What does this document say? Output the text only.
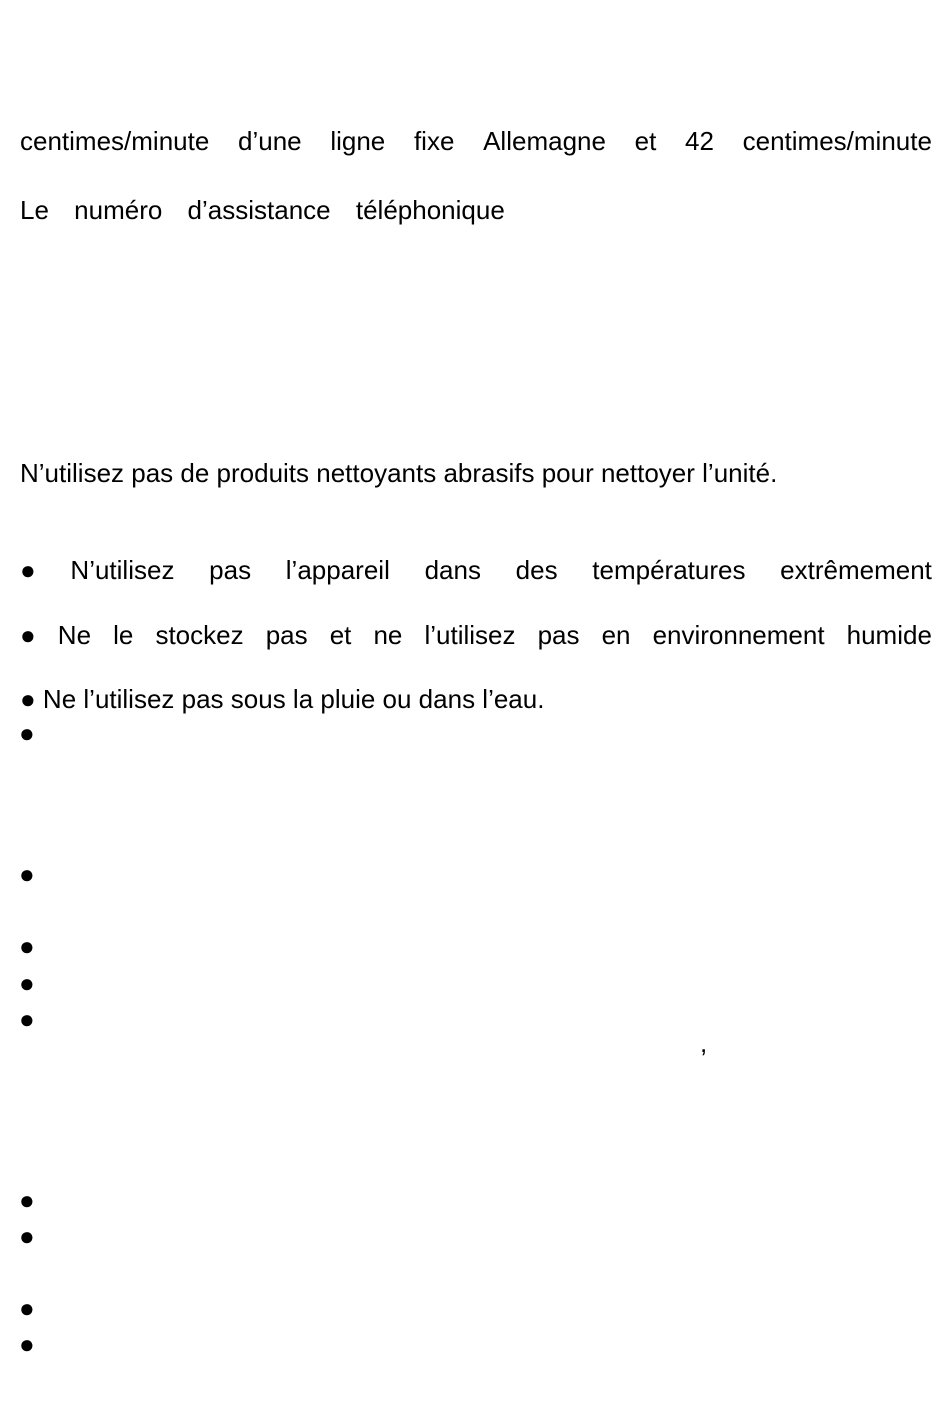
centimes/minute d’une ligne fixe Allemagne et 42 centimes/minute
Le numéro d’assistance téléphonique
N’utilisez pas de produits nettoyants abrasifs pour nettoyer l’unité.
● N’utilisez pas l’appareil dans des températures extrêmement
● Ne le stockez pas et ne l’utilisez pas en environnement humide
● Ne l’utilisez pas sous la pluie ou dans l’eau.
●
●
●
●
●
,
●
●
●
●
